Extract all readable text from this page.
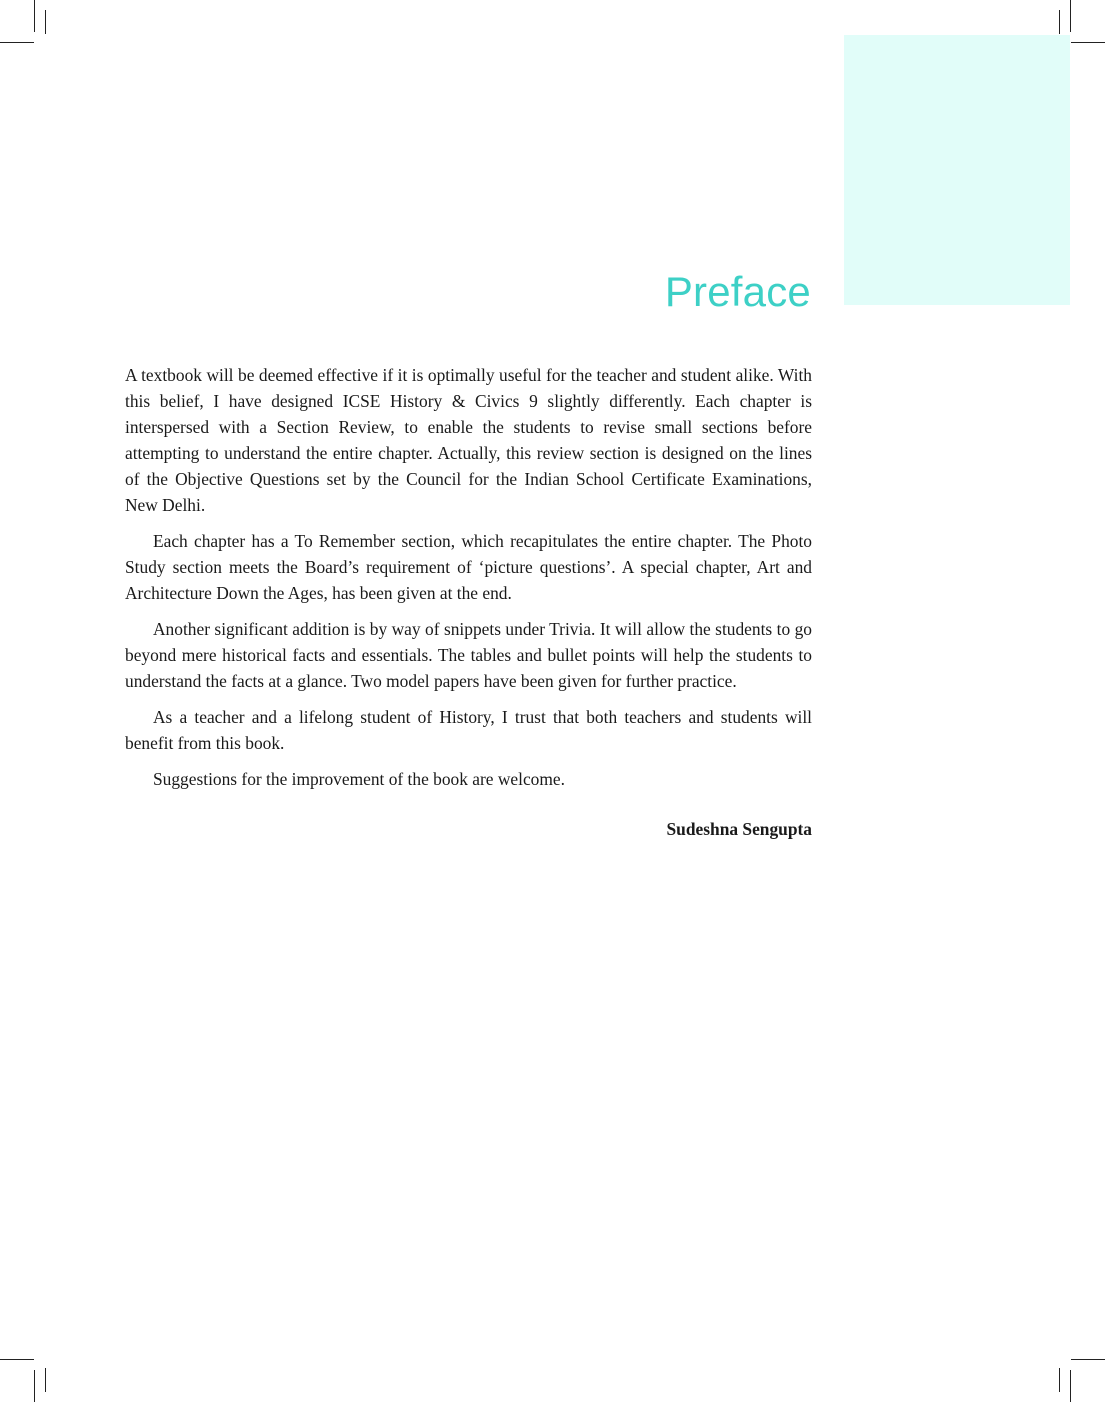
Preface

A textbook will be deemed effective if it is optimally useful for the teacher and student alike. With this belief, I have designed ICSE History & Civics 9 slightly differently. Each chapter is interspersed with a Section Review, to enable the students to revise small sections before attempting to understand the entire chapter. Actually, this review section is designed on the lines of the Objective Questions set by the Council for the Indian School Certificate Examinations, New Delhi.

Each chapter has a To Remember section, which recapitulates the entire chapter. The Photo Study section meets the Board’s requirement of ‘picture questions’. A special chapter, Art and Architecture Down the Ages, has been given at the end.

Another significant addition is by way of snippets under Trivia. It will allow the students to go beyond mere historical facts and essentials. The tables and bullet points will help the students to understand the facts at a glance. Two model papers have been given for further practice.

As a teacher and a lifelong student of History, I trust that both teachers and students will benefit from this book.

Suggestions for the improvement of the book are welcome.

Sudeshna Sengupta
